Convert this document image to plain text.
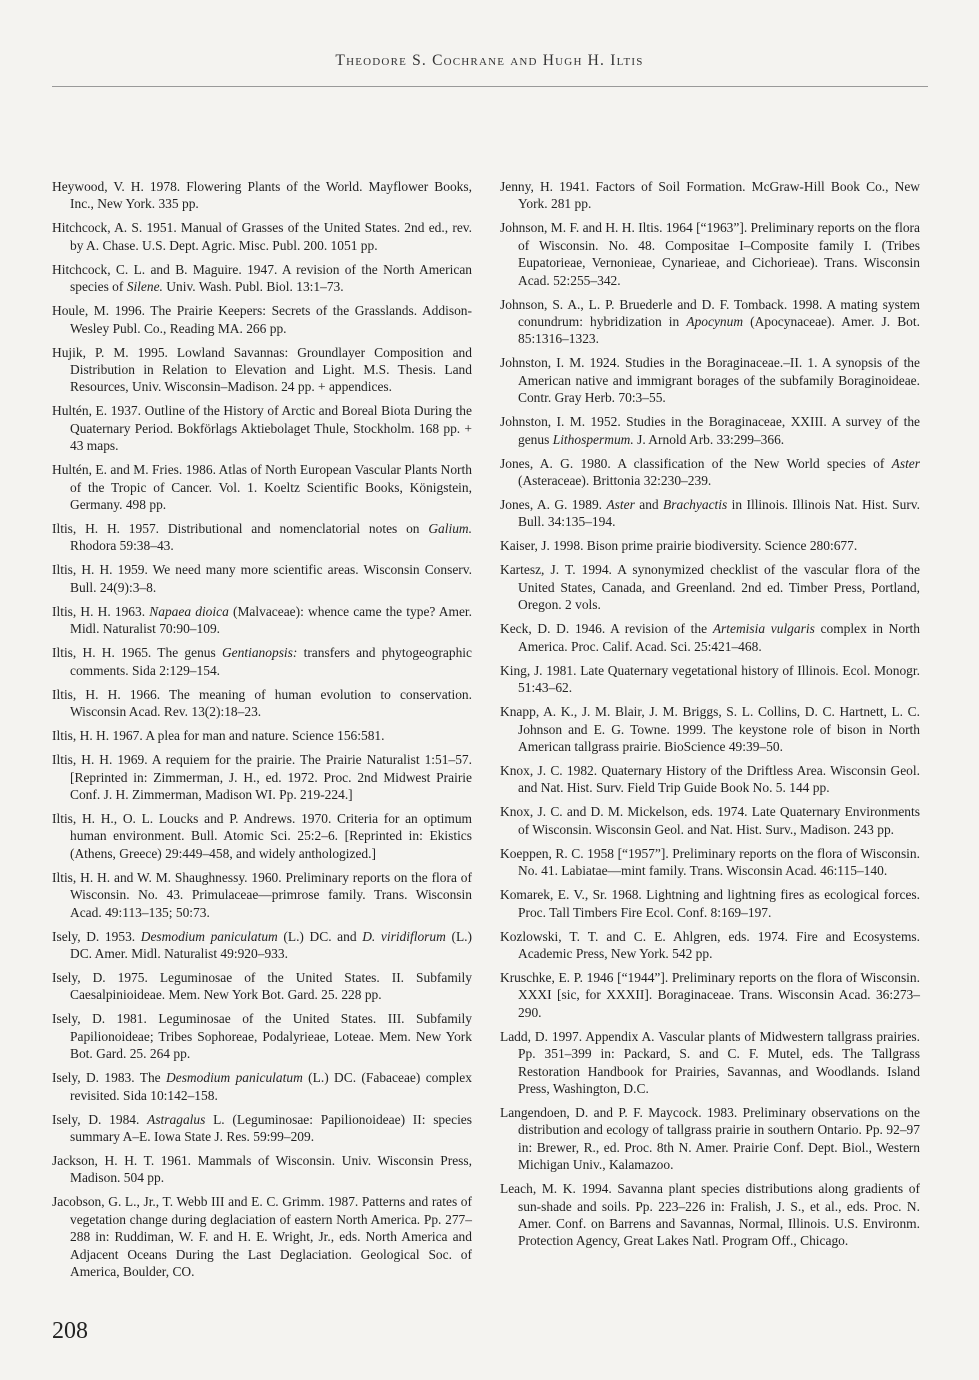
Theodore S. Cochrane and Hugh H. Iltis

Heywood, V. H. 1978. Flowering Plants of the World. Mayflower Books, Inc., New York. 335 pp.

Hitchcock, A. S. 1951. Manual of Grasses of the United States. 2nd ed., rev. by A. Chase. U.S. Dept. Agric. Misc. Publ. 200. 1051 pp.

Hitchcock, C. L. and B. Maguire. 1947. A revision of the North American species of Silene. Univ. Wash. Publ. Biol. 13:1–73.

Houle, M. 1996. The Prairie Keepers: Secrets of the Grasslands. Addison-Wesley Publ. Co., Reading MA. 266 pp.

Hujik, P. M. 1995. Lowland Savannas: Groundlayer Composition and Distribution in Relation to Elevation and Light. M.S. Thesis. Land Resources, Univ. Wisconsin–Madison. 24 pp. + appendices.

Hultén, E. 1937. Outline of the History of Arctic and Boreal Biota During the Quaternary Period. Bokförlags Aktiebolaget Thule, Stockholm. 168 pp. + 43 maps.

Hultén, E. and M. Fries. 1986. Atlas of North European Vascular Plants North of the Tropic of Cancer. Vol. 1. Koeltz Scientific Books, Königstein, Germany. 498 pp.

Iltis, H. H. 1957. Distributional and nomenclatorial notes on Galium. Rhodora 59:38–43.

Iltis, H. H. 1959. We need many more scientific areas. Wisconsin Conserv. Bull. 24(9):3–8.

Iltis, H. H. 1963. Napaea dioica (Malvaceae): whence came the type? Amer. Midl. Naturalist 70:90–109.

Iltis, H. H. 1965. The genus Gentianopsis: transfers and phytogeographic comments. Sida 2:129–154.

Iltis, H. H. 1966. The meaning of human evolution to conservation. Wisconsin Acad. Rev. 13(2):18–23.

Iltis, H. H. 1967. A plea for man and nature. Science 156:581.

Iltis, H. H. 1969. A requiem for the prairie. The Prairie Naturalist 1:51–57. [Reprinted in: Zimmerman, J. H., ed. 1972. Proc. 2nd Midwest Prairie Conf. J. H. Zimmerman, Madison WI. Pp. 219-224.]

Iltis, H. H., O. L. Loucks and P. Andrews. 1970. Criteria for an optimum human environment. Bull. Atomic Sci. 25:2–6. [Reprinted in: Ekistics (Athens, Greece) 29:449–458, and widely anthologized.]

Iltis, H. H. and W. M. Shaughnessy. 1960. Preliminary reports on the flora of Wisconsin. No. 43. Primulaceae—primrose family. Trans. Wisconsin Acad. 49:113–135; 50:73.

Isely, D. 1953. Desmodium paniculatum (L.) DC. and D. viridiflorum (L.) DC. Amer. Midl. Naturalist 49:920–933.

Isely, D. 1975. Leguminosae of the United States. II. Subfamily Caesalpinioideae. Mem. New York Bot. Gard. 25. 228 pp.

Isely, D. 1981. Leguminosae of the United States. III. Subfamily Papilionoideae; Tribes Sophoreae, Podalyrieae, Loteae. Mem. New York Bot. Gard. 25. 264 pp.

Isely, D. 1983. The Desmodium paniculatum (L.) DC. (Fabaceae) complex revisited. Sida 10:142–158.

Isely, D. 1984. Astragalus L. (Leguminosae: Papilionoideae) II: species summary A–E. Iowa State J. Res. 59:99–209.

Jackson, H. H. T. 1961. Mammals of Wisconsin. Univ. Wisconsin Press, Madison. 504 pp.

Jacobson, G. L., Jr., T. Webb III and E. C. Grimm. 1987. Patterns and rates of vegetation change during deglaciation of eastern North America. Pp. 277–288 in: Ruddiman, W. F. and H. E. Wright, Jr., eds. North America and Adjacent Oceans During the Last Deglaciation. Geological Soc. of America, Boulder, CO.

Jenny, H. 1941. Factors of Soil Formation. McGraw-Hill Book Co., New York. 281 pp.

Johnson, M. F. and H. H. Iltis. 1964 [“1963”]. Preliminary reports on the flora of Wisconsin. No. 48. Compositae I–Composite family I. (Tribes Eupatorieae, Vernonieae, Cynarieae, and Cichorieae). Trans. Wisconsin Acad. 52:255–342.

Johnson, S. A., L. P. Bruederle and D. F. Tomback. 1998. A mating system conundrum: hybridization in Apocynum (Apocynaceae). Amer. J. Bot. 85:1316–1323.

Johnston, I. M. 1924. Studies in the Boraginaceae.–II. 1. A synopsis of the American native and immigrant borages of the subfamily Boraginoideae. Contr. Gray Herb. 70:3–55.

Johnston, I. M. 1952. Studies in the Boraginaceae, XXIII. A survey of the genus Lithospermum. J. Arnold Arb. 33:299–366.

Jones, A. G. 1980. A classification of the New World species of Aster (Asteraceae). Brittonia 32:230–239.

Jones, A. G. 1989. Aster and Brachyactis in Illinois. Illinois Nat. Hist. Surv. Bull. 34:135–194.

Kaiser, J. 1998. Bison prime prairie biodiversity. Science 280:677.

Kartesz, J. T. 1994. A synonymized checklist of the vascular flora of the United States, Canada, and Greenland. 2nd ed. Timber Press, Portland, Oregon. 2 vols.

Keck, D. D. 1946. A revision of the Artemisia vulgaris complex in North America. Proc. Calif. Acad. Sci. 25:421–468.

King, J. 1981. Late Quaternary vegetational history of Illinois. Ecol. Monogr. 51:43–62.

Knapp, A. K., J. M. Blair, J. M. Briggs, S. L. Collins, D. C. Hartnett, L. C. Johnson and E. G. Towne. 1999. The keystone role of bison in North American tallgrass prairie. BioScience 49:39–50.

Knox, J. C. 1982. Quaternary History of the Driftless Area. Wisconsin Geol. and Nat. Hist. Surv. Field Trip Guide Book No. 5. 144 pp.

Knox, J. C. and D. M. Mickelson, eds. 1974. Late Quaternary Environments of Wisconsin. Wisconsin Geol. and Nat. Hist. Surv., Madison. 243 pp.

Koeppen, R. C. 1958 [“1957”]. Preliminary reports on the flora of Wisconsin. No. 41. Labiatae—mint family. Trans. Wisconsin Acad. 46:115–140.

Komarek, E. V., Sr. 1968. Lightning and lightning fires as ecological forces. Proc. Tall Timbers Fire Ecol. Conf. 8:169–197.

Kozlowski, T. T. and C. E. Ahlgren, eds. 1974. Fire and Ecosystems. Academic Press, New York. 542 pp.

Kruschke, E. P. 1946 [“1944”]. Preliminary reports on the flora of Wisconsin. XXXI [sic, for XXXII]. Boraginaceae. Trans. Wisconsin Acad. 36:273–290.

Ladd, D. 1997. Appendix A. Vascular plants of Midwestern tallgrass prairies. Pp. 351–399 in: Packard, S. and C. F. Mutel, eds. The Tallgrass Restoration Handbook for Prairies, Savannas, and Woodlands. Island Press, Washington, D.C.

Langendoen, D. and P. F. Maycock. 1983. Preliminary observations on the distribution and ecology of tallgrass prairie in southern Ontario. Pp. 92–97 in: Brewer, R., ed. Proc. 8th N. Amer. Prairie Conf. Dept. Biol., Western Michigan Univ., Kalamazoo.

Leach, M. K. 1994. Savanna plant species distributions along gradients of sun-shade and soils. Pp. 223–226 in: Fralish, J. S., et al., eds. Proc. N. Amer. Conf. on Barrens and Savannas, Normal, Illinois. U.S. Environm. Protection Agency, Great Lakes Natl. Program Off., Chicago.

208
